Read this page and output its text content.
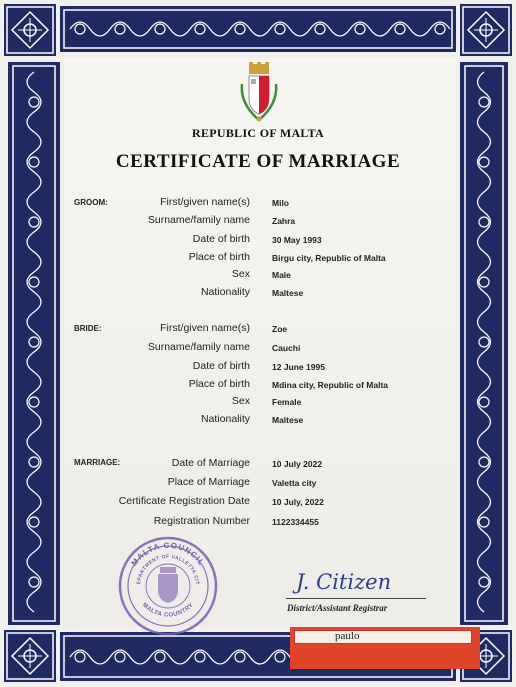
REPUBLIC OF MALTA
CERTIFICATE OF MARRIAGE
GROOM:	First/given name(s)	Milo
Surname/family name	Zahra
Date of birth	30 May 1993
Place of birth	Birgu city, Republic of Malta
Sex	Male
Nationality	Maltese
BRIDE:	First/given name(s)	Zoe
Surname/family name	Cauchi
Date of birth	12 June 1995
Place of birth	Mdina city, Republic of Malta
Sex	Female
Nationality	Maltese
MARRIAGE:	Date of Marriage	10 July 2022
Place of Marriage	Valetta city
Certificate Registration Date	10 July, 2022
Registration Number	1122334455
MALTA COUNCIL
EPARTMENT OF VALLETTA CIT
MALTA COUNTRY
J. Citizen
District/Assistant Registrar
paulo
